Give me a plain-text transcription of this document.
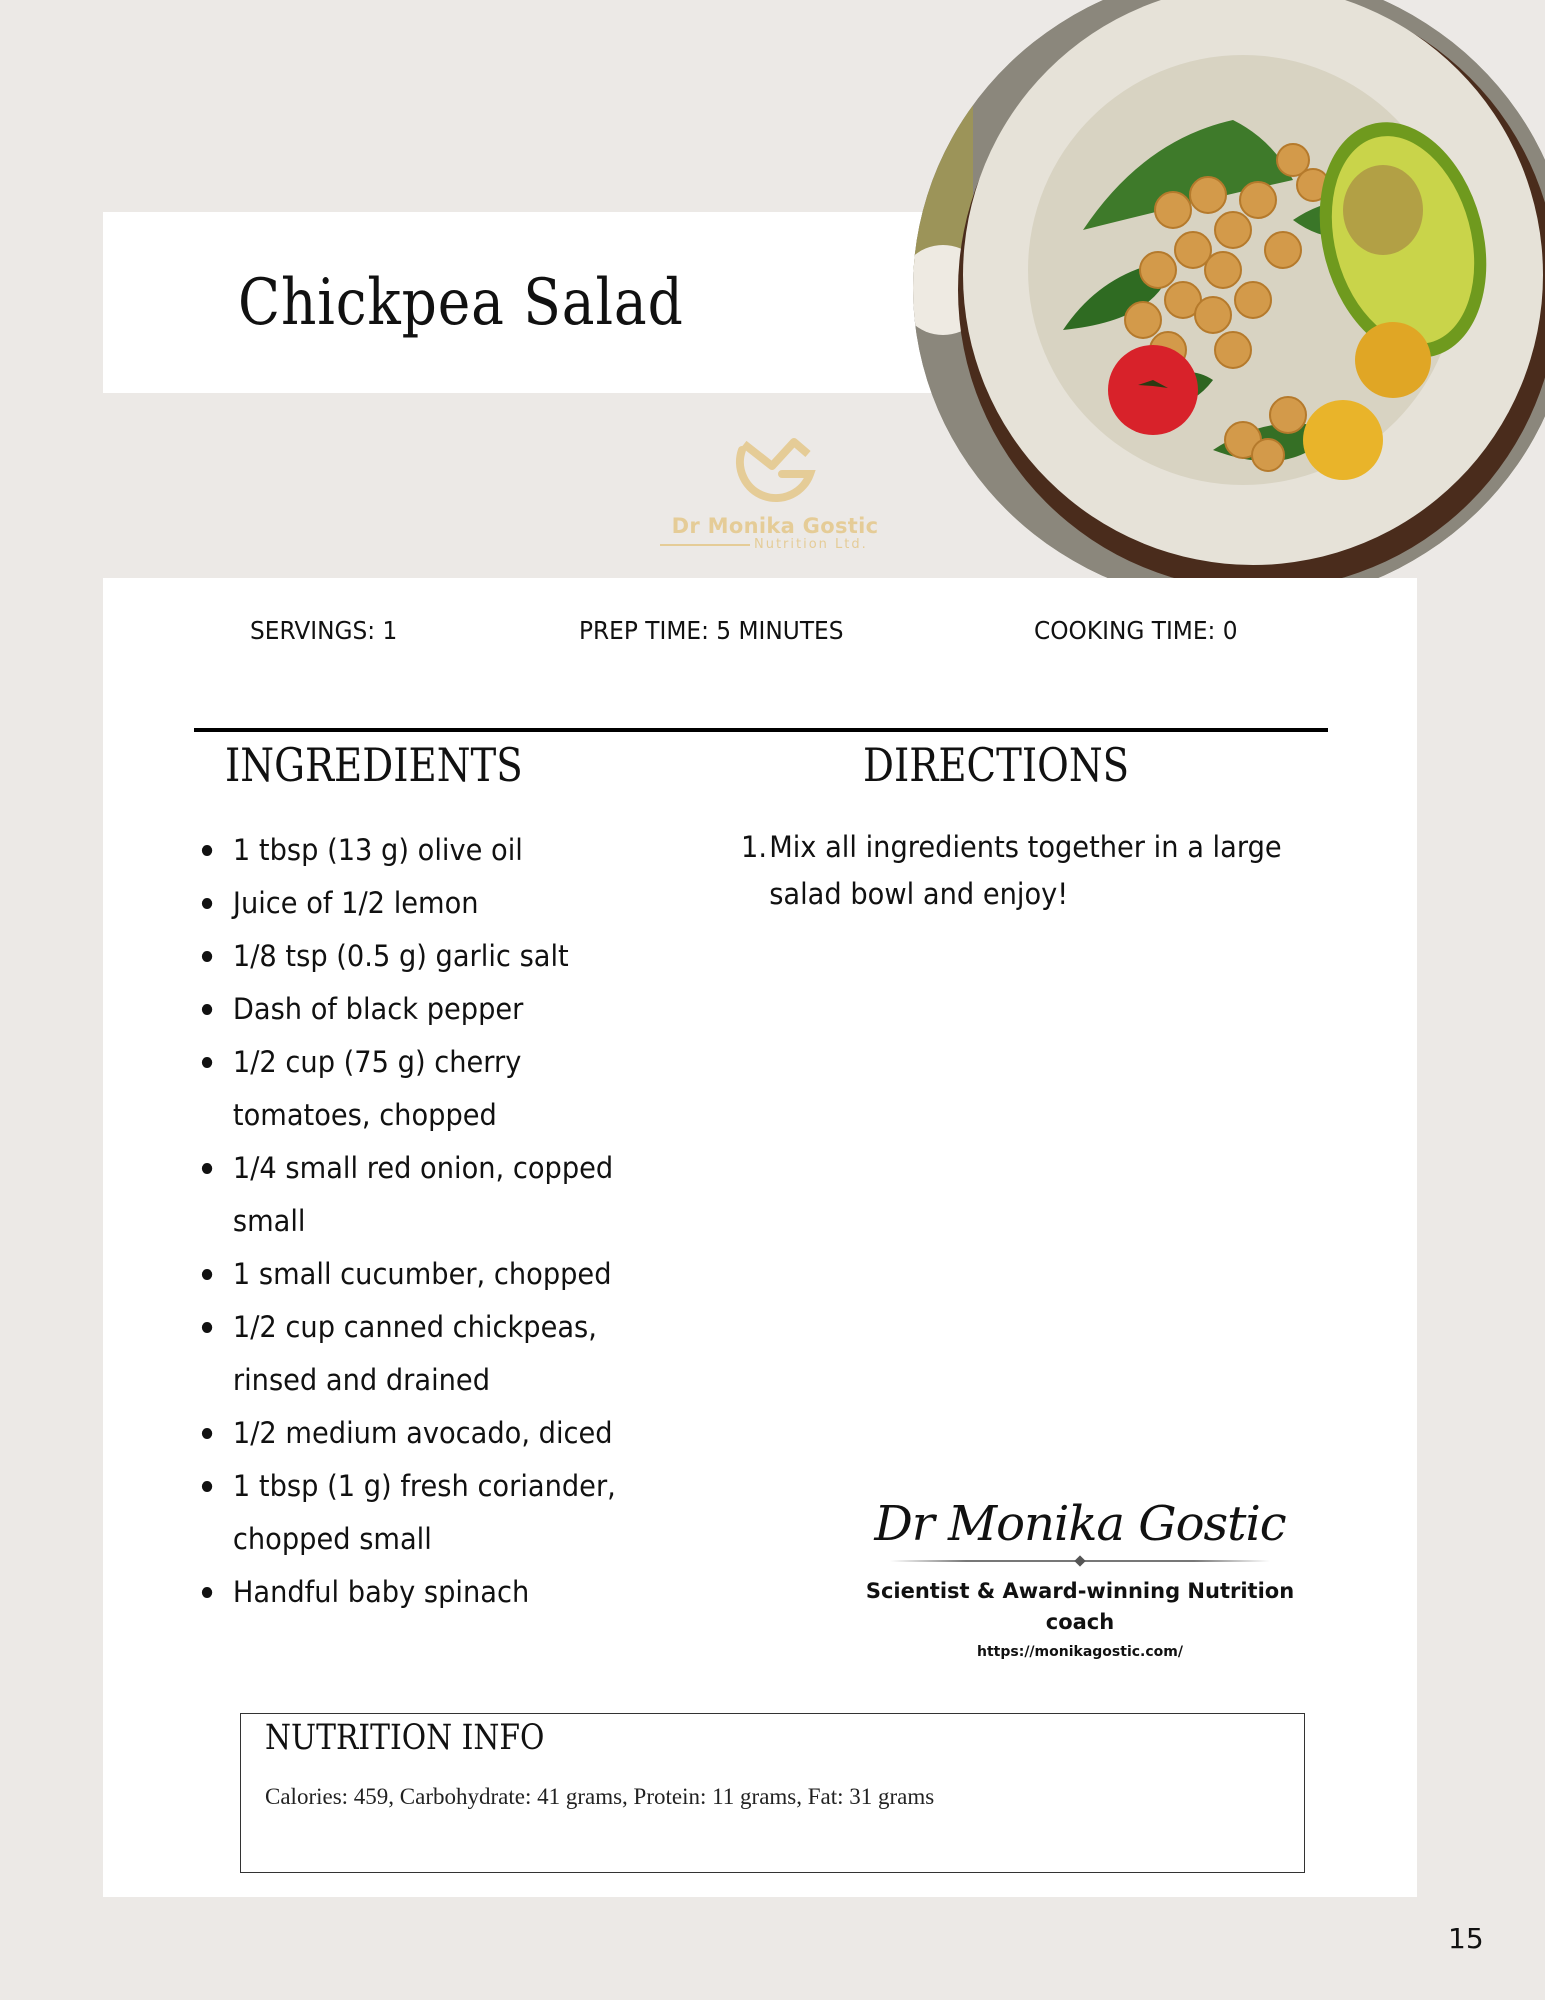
Chickpea Salad
Dr Monika Gostic
Nutrition Ltd.
SERVINGS: 1	PREP TIME: 5 MINUTES	COOKING TIME: 0
INGREDIENTS	DIRECTIONS
1 tbsp (13 g) olive oil
Juice of 1/2 lemon
1/8 tsp (0.5 g) garlic salt
Dash of black pepper
1/2 cup (75 g) cherry tomatoes, chopped
1/4 small red onion, copped small
1 small cucumber, chopped
1/2 cup canned chickpeas, rinsed and drained
1/2 medium avocado, diced
1 tbsp (1 g) fresh coriander, chopped small
Handful baby spinach
1. Mix all ingredients together in a large salad bowl and enjoy!
Dr Monika Gostic
Scientist & Award-winning Nutrition coach
https://monikagostic.com/
NUTRITION INFO

Calories: 459, Carbohydrate: 41 grams, Protein: 11 grams, Fat: 31 grams

15
